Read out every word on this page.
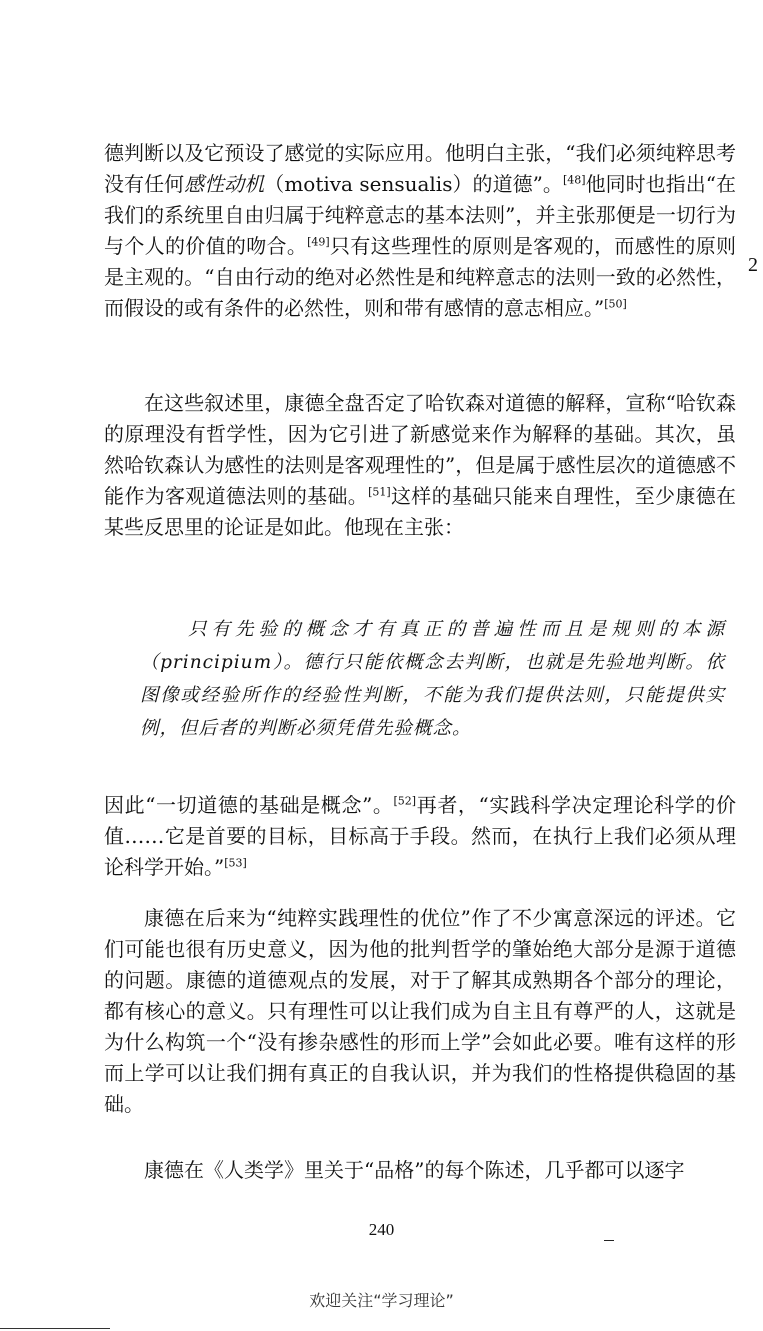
德判断以及它预设了感觉的实际应用。他明白主张，“我们必须纯粹思考没有任何感性动机（motiva sensualis）的道德”。[48]他同时也指出“在我们的系统里自由归属于纯粹意志的基本法则”，并主张那便是一切行为与个人的价值的吻合。[49]只有这些理性的原则是客观的，而感性的原则是主观的。“自由行动的绝对必然性是和纯粹意志的法则一致的必然性，而假设的或有条件的必然性，则和带有感情的意志相应。”[50]

2

在这些叙述里，康德全盘否定了哈钦森对道德的解释，宣称“哈钦森的原理没有哲学性，因为它引进了新感觉来作为解释的基础。其次，虽然哈钦森认为感性的法则是客观理性的”，但是属于感性层次的道德感不能作为客观道德法则的基础。[51]这样的基础只能来自理性，至少康德在某些反思里的论证是如此。他现在主张：

只有先验的概念才有真正的普遍性而且是规则的本源（principium）。德行只能依概念去判断，也就是先验地判断。依图像或经验所作的经验性判断，不能为我们提供法则，只能提供实例，但后者的判断必须凭借先验概念。

因此“一切道德的基础是概念”。[52]再者，“实践科学决定理论科学的价值……它是首要的目标，目标高于手段。然而，在执行上我们必须从理论科学开始。”[53]

康德在后来为“纯粹实践理性的优位”作了不少寓意深远的评述。它们可能也很有历史意义，因为他的批判哲学的肇始绝大部分是源于道德的问题。康德的道德观点的发展，对于了解其成熟期各个部分的理论，都有核心的意义。只有理性可以让我们成为自主且有尊严的人，这就是为什么构筑一个“没有掺杂感性的形而上学”会如此必要。唯有这样的形而上学可以让我们拥有真正的自我认识，并为我们的性格提供稳固的基础。

康德在《人类学》里关于“品格”的每个陈述，几乎都可以逐字

240
欢迎关注“学习理论”
